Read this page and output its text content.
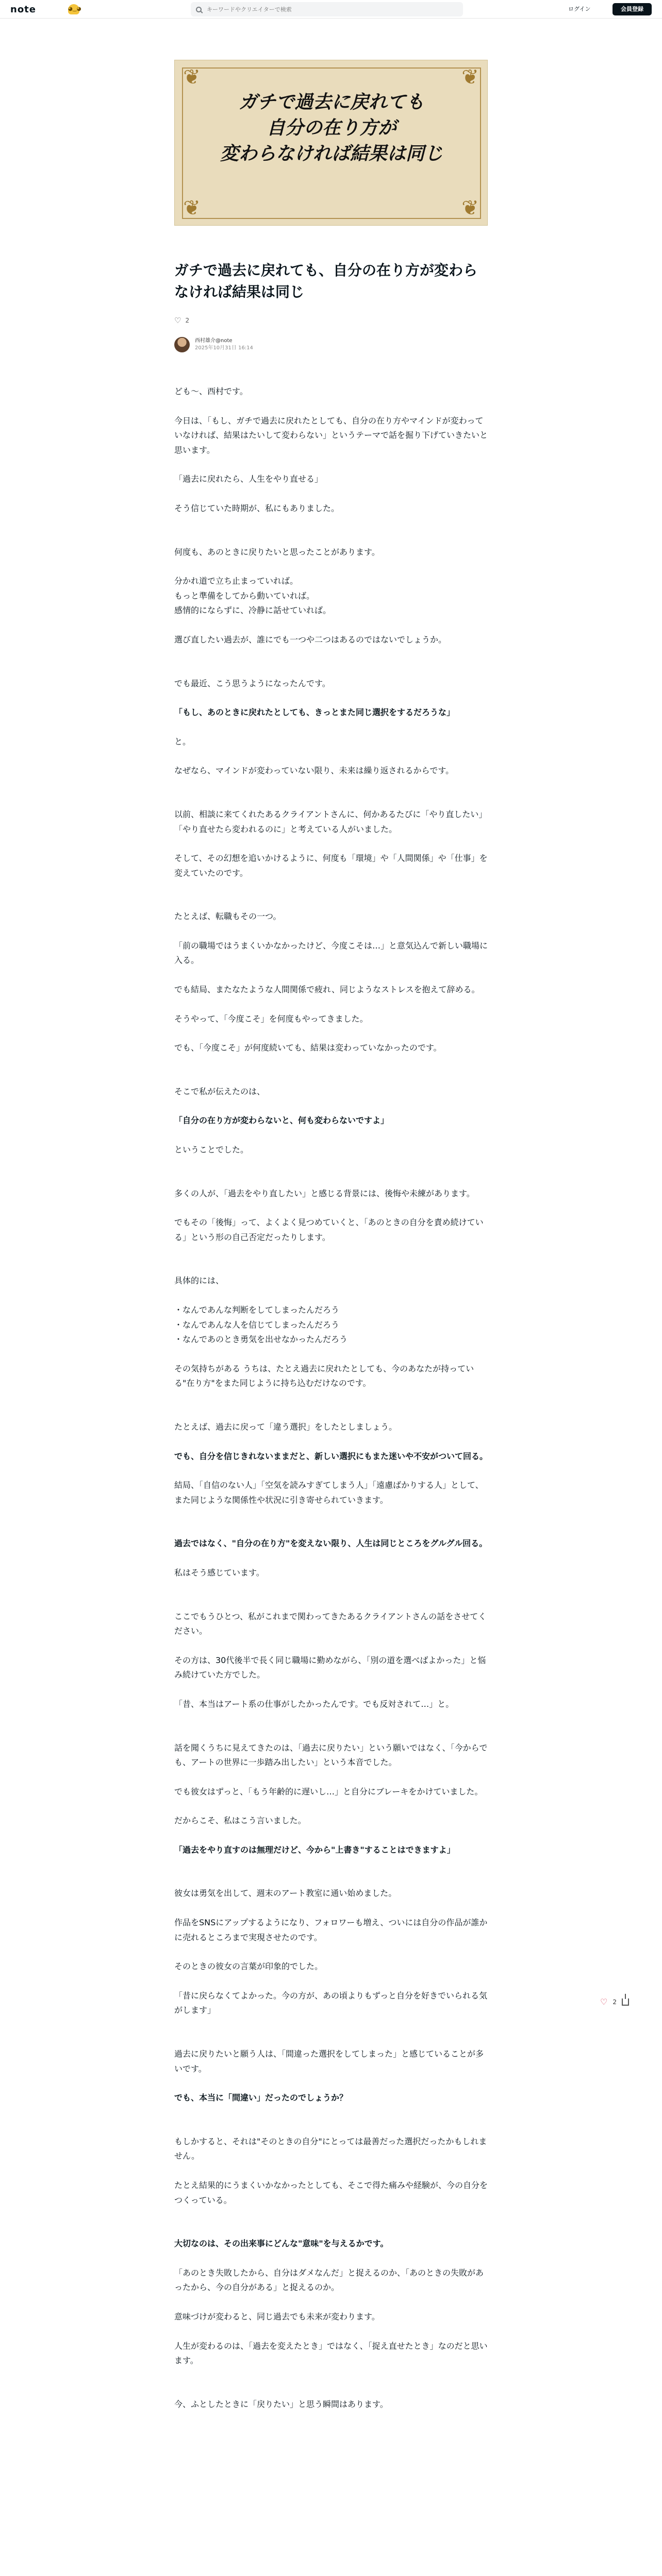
note	◕‿◕
キーワードやクリエイターで検索	ログイン	会員登録
❦	❦
❦	❦
ガチで過去に戻れても
自分の在り方が
変わらなければ結果は同じ
ガチで過去に戻れても、自分の在り方が変わらなければ結果は同じ
♡ 2
西村雄介@note
2025年10月31日 16:14

ども〜、西村です。

今日は、「もし、ガチで過去に戻れたとしても、自分の在り方やマインドが変わっていなければ、結果はたいして変わらない」というテーマで話を掘り下げていきたいと思います。

「過去に戻れたら、人生をやり直せる」

そう信じていた時期が、私にもありました。

何度も、あのときに戻りたいと思ったことがあります。

分かれ道で立ち止まっていれば。

もっと準備をしてから動いていれば。

感情的にならずに、冷静に話せていれば。

選び直したい過去が、誰にでも一つや二つはあるのではないでしょうか。

でも最近、こう思うようになったんです。

「もし、あのときに戻れたとしても、きっとまた同じ選択をするだろうな」

と。

なぜなら、マインドが変わっていない限り、未来は繰り返されるからです。

以前、相談に来てくれたあるクライアントさんに、何かあるたびに「やり直したい」「やり直せたら変われるのに」と考えている人がいました。

そして、その幻想を追いかけるように、何度も「環境」や「人間関係」や「仕事」を変えていたのです。

たとえば、転職もその一つ。

「前の職場ではうまくいかなかったけど、今度こそは…」と意気込んで新しい職場に入る。

でも結局、またなたような人間関係で疲れ、同じようなストレスを抱えて辞める。

そうやって、「今度こそ」を何度もやってきました。

でも、「今度こそ」が何度続いても、結果は変わっていなかったのです。

そこで私が伝えたのは、

「自分の在り方が変わらないと、何も変わらないですよ」

ということでした。

多くの人が、「過去をやり直したい」と感じる背景には、後悔や未練があります。

でもその「後悔」って、よくよく見つめていくと、「あのときの自分を責め続けている」という形の自己否定だったりします。

具体的には、

・なんであんな判断をしてしまったんだろう

・なんであんな人を信じてしまったんだろう

・なんであのとき勇気を出せなかったんだろう

その気持ちがある うちは、たとえ過去に戻れたとしても、今のあなたが持っている"在り方"をまた同じように持ち込むだけなのです。

たとえば、過去に戻って「違う選択」をしたとしましょう。

でも、自分を信じきれないままだと、新しい選択にもまた迷いや不安がついて回る。

結局、「自信のない人」「空気を読みすぎてしまう人」「遠慮ばかりする人」として、また同じような関係性や状況に引き寄せられていきます。

過去ではなく、"自分の在り方"を変えない限り、人生は同じところをグルグル回る。

私はそう感じています。

ここでもうひとつ、私がこれまで関わってきたあるクライアントさんの話をさせてください。

その方は、30代後半で長く同じ職場に勤めながら、「別の道を選べばよかった」と悩み続けていた方でした。

「昔、本当はアート系の仕事がしたかったんです。でも反対されて…」と。

話を聞くうちに見えてきたのは、「過去に戻りたい」という願いではなく、「今からでも、アートの世界に一歩踏み出したい」という本音でした。

でも彼女はずっと、「もう年齢的に遅いし…」と自分にブレーキをかけていました。

だからこそ、私はこう言いました。

「過去をやり直すのは無理だけど、今から"上書き"することはできますよ」

彼女は勇気を出して、週末のアート教室に通い始めました。

作品をSNSにアップするようになり、フォロワーも増え、ついには自分の作品が誰かに売れるところまで実現させたのです。

そのときの彼女の言葉が印象的でした。

「昔に戻らなくてよかった。今の方が、あの頃よりもずっと自分を好きでいられる気がします」

過去に戻りたいと願う人は、「間違った選択をしてしまった」と感じていることが多いです。

でも、本当に「間違い」だったのでしょうか？

もしかすると、それは"そのときの自分"にとっては最善だった選択だったかもしれません。

たとえ結果的にうまくいかなかったとしても、そこで得た痛みや経験が、今の自分をつくっている。

大切なのは、その出来事にどんな"意味"を与えるかです。

「あのとき失敗したから、自分はダメなんだ」と捉えるのか、「あのときの失敗があったから、今の自分がある」と捉えるのか。

意味づけが変わると、同じ過去でも未来が変わります。

人生が変わるのは、「過去を変えたとき」ではなく、「捉え直せたとき」なのだと思います。

今、ふとしたときに「戻りたい」と思う瞬間はあります。

♡ 2
